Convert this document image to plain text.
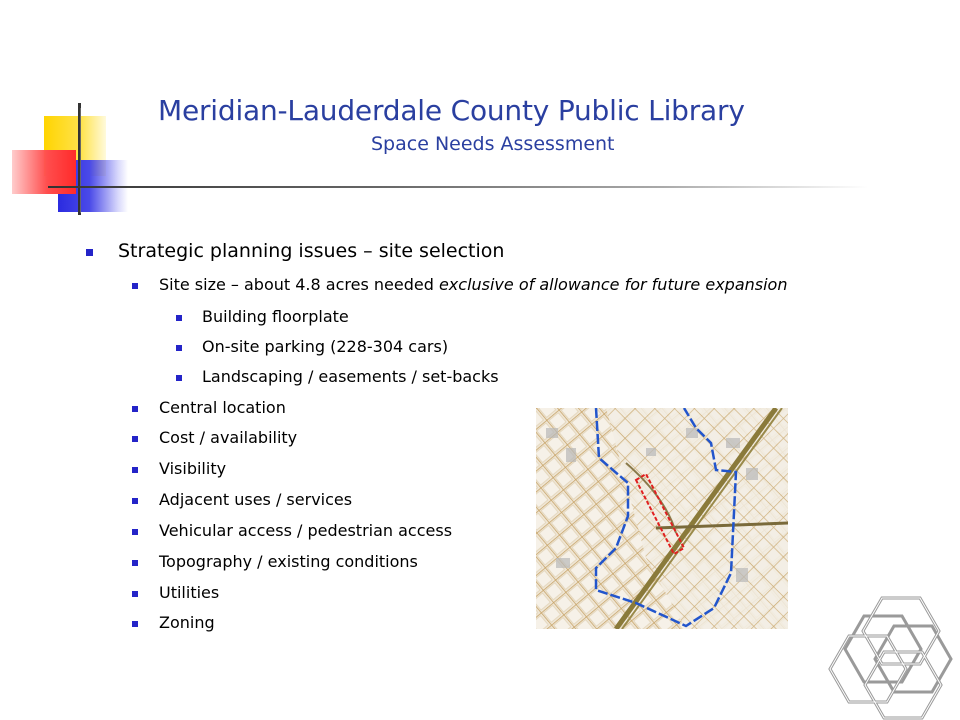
Meridian-Lauderdale County Public Library
Space Needs Assessment
Strategic planning issues – site selection
Site size – about 4.8 acres needed exclusive of allowance for future expansion
Building floorplate
On-site parking (228-304 cars)
Landscaping / easements / set-backs
Central location
Cost / availability
Visibility
Adjacent uses / services
Vehicular access / pedestrian access
Topography / existing conditions
Utilities
Zoning
